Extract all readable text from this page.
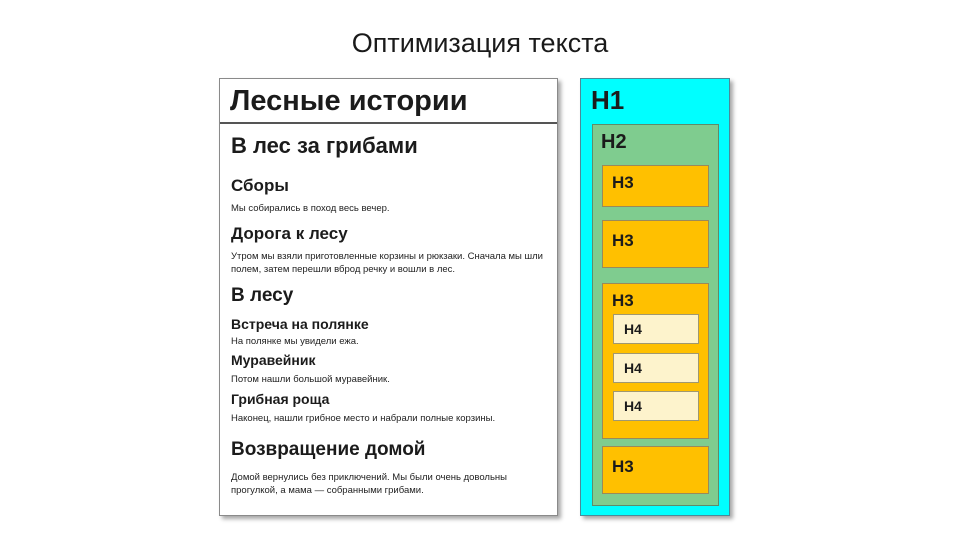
Оптимизация текста
Лесные истории
В лес за грибами
Сборы
Мы собирались в поход весь вечер.
Дорога к лесу
Утром мы взяли приготовленные корзины и рюкзаки. Сначала мы шли полем, затем перешли вброд речку и вошли в лес.
В лесу
Встреча на полянке
На полянке мы увидели ежа.
Муравейник
Потом нашли большой муравейник.
Грибная роща
Наконец, нашли грибное место и набрали полные корзины.
Возвращение домой
Домой вернулись без приключений. Мы были очень довольны прогулкой, а мама — собранными грибами.
H1
H2
H3
H3
H3
H4
H4
H4
H3
